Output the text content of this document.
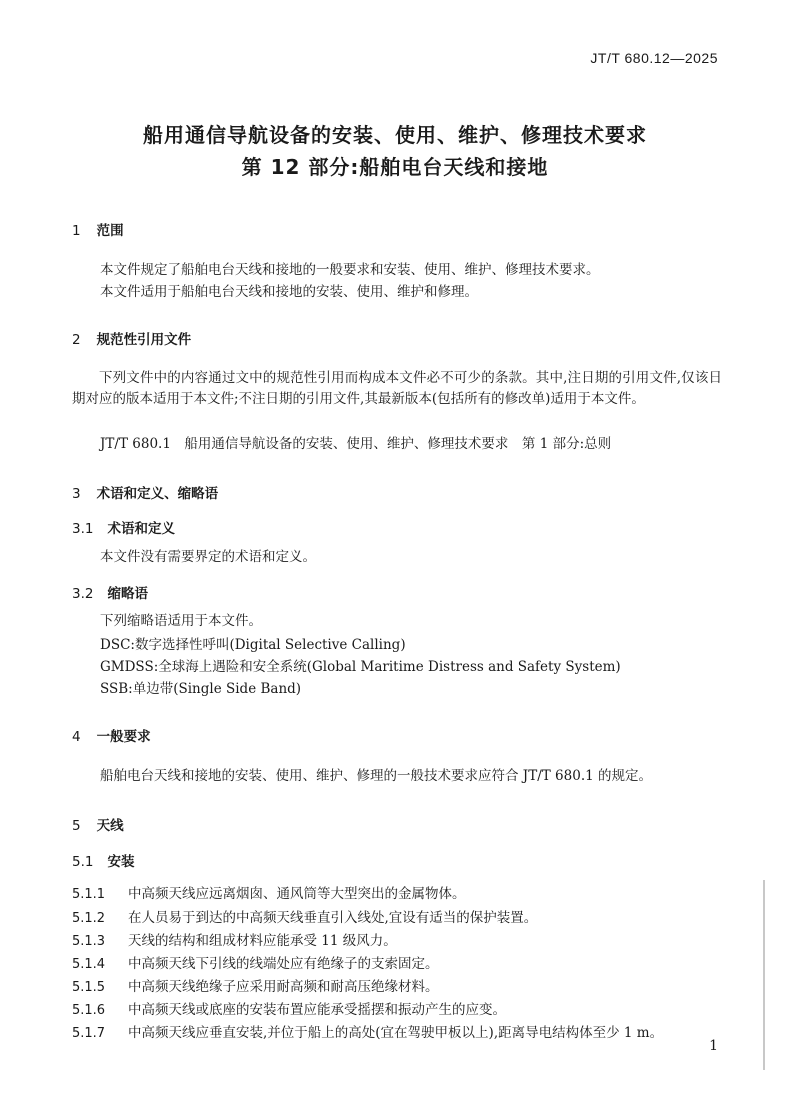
JT/T 680.12—2025
船用通信导航设备的安装、使用、维护、修理技术要求
第 12 部分:船舶电台天线和接地
1 范围
本文件规定了船舶电台天线和接地的一般要求和安装、使用、维护、修理技术要求。
本文件适用于船舶电台天线和接地的安装、使用、维护和修理。
2 规范性引用文件
下列文件中的内容通过文中的规范性引用而构成本文件必不可少的条款。其中,注日期的引用文件,仅该日期对应的版本适用于本文件;不注日期的引用文件,其最新版本(包括所有的修改单)适用于本文件。
JT/T 680.1　船用通信导航设备的安装、使用、维护、修理技术要求　第 1 部分:总则
3 术语和定义、缩略语
3.1 术语和定义
本文件没有需要界定的术语和定义。
3.2 缩略语
下列缩略语适用于本文件。
DSC:数字选择性呼叫(Digital Selective Calling)
GMDSS:全球海上遇险和安全系统(Global Maritime Distress and Safety System)
SSB:单边带(Single Side Band)
4 一般要求
船舶电台天线和接地的安装、使用、维护、修理的一般技术要求应符合 JT/T 680.1 的规定。
5 天线
5.1 安装
5.1.1 中高频天线应远离烟囱、通风筒等大型突出的金属物体。
5.1.2 在人员易于到达的中高频天线垂直引入线处,宜设有适当的保护装置。
5.1.3 天线的结构和组成材料应能承受 11 级风力。
5.1.4 中高频天线下引线的线端处应有绝缘子的支索固定。
5.1.5 中高频天线绝缘子应采用耐高频和耐高压绝缘材料。
5.1.6 中高频天线或底座的安装布置应能承受摇摆和振动产生的应变。
5.1.7 中高频天线应垂直安装,并位于船上的高处(宜在驾驶甲板以上),距离导电结构体至少 1 m。
1
